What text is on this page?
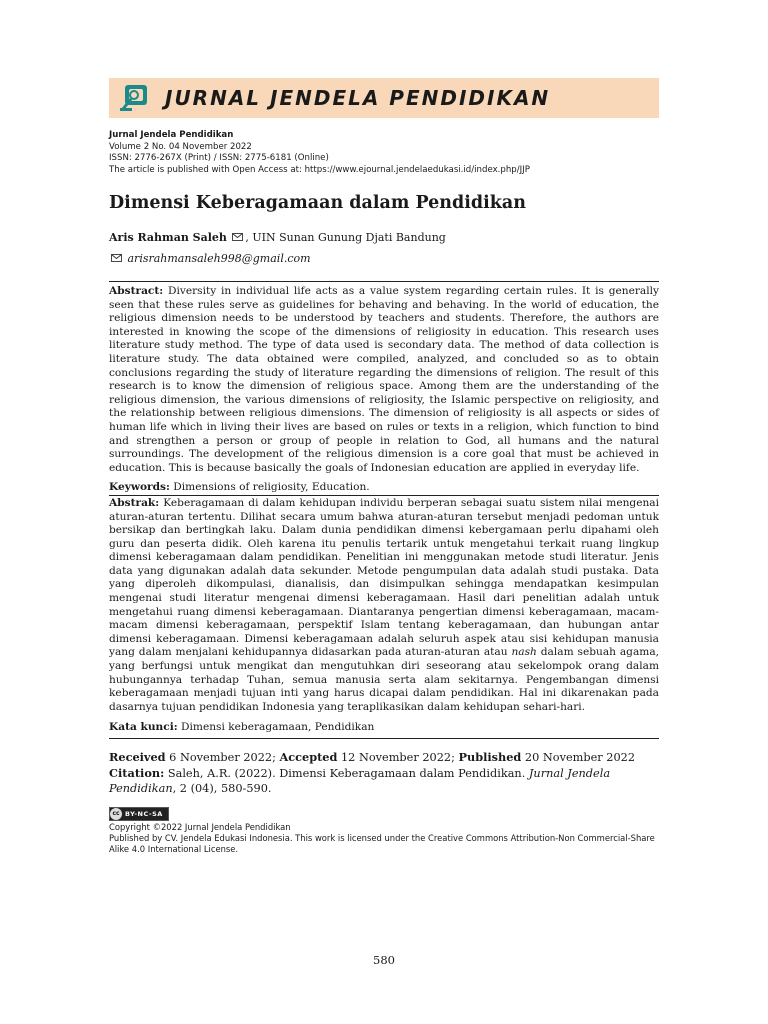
JURNAL JENDELA PENDIDIKAN
Jurnal Jendela Pendidikan
Volume 2 No. 04 November 2022
ISSN: 2776-267X (Print) / ISSN: 2775-6181 (Online)
The article is published with Open Access at: https://www.ejournal.jendelaedukasi.id/index.php/JJP
Dimensi Keberagamaan dalam Pendidikan
Aris Rahman Saleh , UIN Sunan Gunung Djati Bandung
arisrahmansaleh998@gmail.com
Abstract: Diversity in individual life acts as a value system regarding certain rules. It is generally seen that these rules serve as guidelines for behaving and behaving. In the world of education, the religious dimension needs to be understood by teachers and students. Therefore, the authors are interested in knowing the scope of the dimensions of religiosity in education. This research uses literature study method. The type of data used is secondary data. The method of data collection is literature study. The data obtained were compiled, analyzed, and concluded so as to obtain conclusions regarding the study of literature regarding the dimensions of religion. The result of this research is to know the dimension of religious space. Among them are the understanding of the religious dimension, the various dimensions of religiosity, the Islamic perspective on religiosity, and the relationship between religious dimensions. The dimension of religiosity is all aspects or sides of human life which in living their lives are based on rules or texts in a religion, which function to bind and strengthen a person or group of people in relation to God, all humans and the natural surroundings. The development of the religious dimension is a core goal that must be achieved in education. This is because basically the goals of Indonesian education are applied in everyday life.
Keywords: Dimensions of religiosity, Education.
Abstrak: Keberagamaan di dalam kehidupan individu berperan sebagai suatu sistem nilai mengenai aturan-aturan tertentu. Dilihat secara umum bahwa aturan-aturan tersebut menjadi pedoman untuk bersikap dan bertingkah laku. Dalam dunia pendidikan dimensi kebergamaan perlu dipahami oleh guru dan peserta didik. Oleh karena itu penulis tertarik untuk mengetahui terkait ruang lingkup dimensi keberagamaan dalam pendidikan. Penelitian ini menggunakan metode studi literatur. Jenis data yang digunakan adalah data sekunder. Metode pengumpulan data adalah studi pustaka. Data yang diperoleh dikompulasi, dianalisis, dan disimpulkan sehingga mendapatkan kesimpulan mengenai studi literatur mengenai dimensi keberagamaan. Hasil dari penelitian adalah untuk mengetahui ruang dimensi keberagamaan. Diantaranya pengertian dimensi keberagamaan, macam-macam dimensi keberagamaan, perspektif Islam tentang keberagamaan, dan hubungan antar dimensi keberagamaan. Dimensi keberagamaan adalah seluruh aspek atau sisi kehidupan manusia yang dalam menjalani kehidupannya didasarkan pada aturan-aturan atau nash dalam sebuah agama, yang berfungsi untuk mengikat dan mengutuhkan diri seseorang atau sekelompok orang dalam hubungannya terhadap Tuhan, semua manusia serta alam sekitarnya. Pengembangan dimensi keberagamaan menjadi tujuan inti yang harus dicapai dalam pendidikan. Hal ini dikarenakan pada dasarnya tujuan pendidikan Indonesia yang teraplikasikan dalam kehidupan sehari-hari.
Kata kunci: Dimensi keberagamaan, Pendidikan
Received 6 November 2022; Accepted 12 November 2022; Published 20 November 2022
Citation: Saleh, A.R. (2022). Dimensi Keberagamaan dalam Pendidikan. Jurnal Jendela Pendidikan, 2 (04), 580-590.
cc BY-NC-SA
Copyright ©2022 Jurnal Jendela Pendidikan
Published by CV. Jendela Edukasi Indonesia. This work is licensed under the Creative Commons Attribution-Non Commercial-Share Alike 4.0 International License.
580
